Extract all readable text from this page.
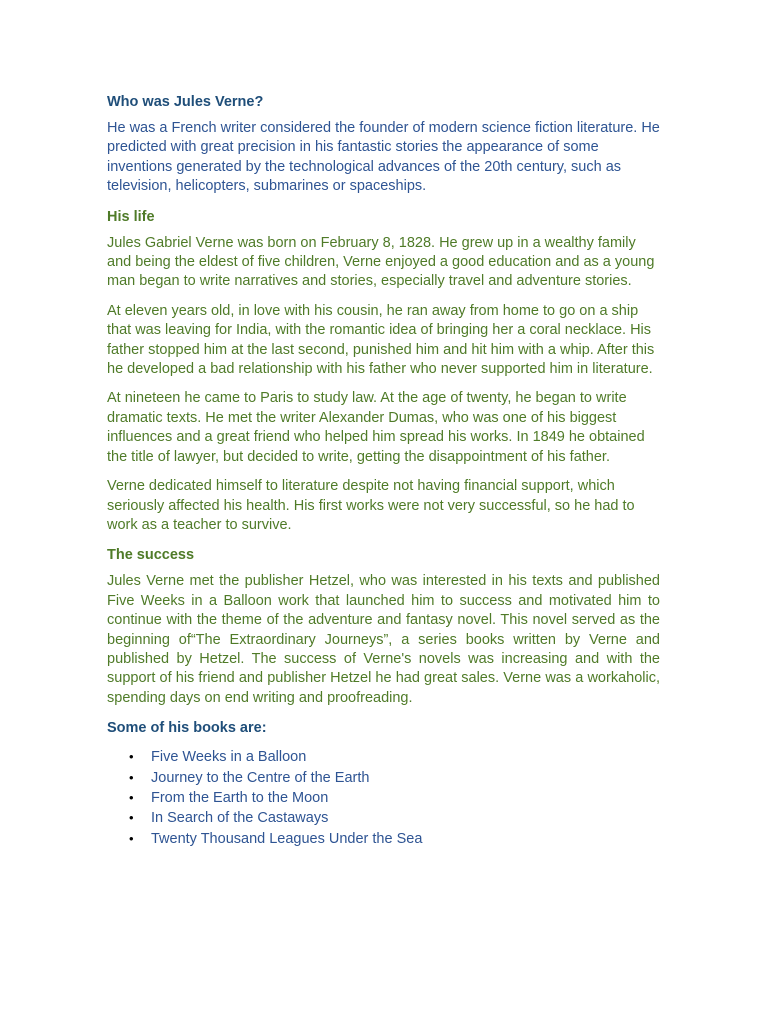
Who was Jules Verne?

He was a French writer considered the founder of modern science fiction literature. He predicted with great precision in his fantastic stories the appearance of some inventions generated by the technological advances of the 20th century, such as television, helicopters, submarines or spaceships.

His life

Jules Gabriel Verne was born on February 8, 1828. He grew up in a wealthy family and being the eldest of five children, Verne enjoyed a good education and as a young man began to write narratives and stories, especially travel and adventure stories.

At eleven years old, in love with his cousin, he ran away from home to go on a ship that was leaving for India, with the romantic idea of bringing her a coral necklace. His father stopped him at the last second, punished him and hit him with a whip. After this he developed a bad relationship with his father who never supported him in literature.

At nineteen he came to Paris to study law. At the age of twenty, he began to write dramatic texts. He met the writer Alexander Dumas, who was one of his biggest influences and a great friend who helped him spread his works. In 1849 he obtained the title of lawyer, but decided to write, getting the disappointment of his father.

Verne dedicated himself to literature despite not having financial support, which seriously affected his health. His first works were not very successful, so he had to work as a teacher to survive.

The success

Jules Verne met the publisher Hetzel, who was interested in his texts and published Five Weeks in a Balloon work that launched him to success and motivated him to continue with the theme of the adventure and fantasy novel. This novel served as the beginning of“The Extraordinary Journeys”, a series books written by Verne and published by Hetzel. The success of Verne's novels was increasing and with the support of his friend and publisher Hetzel he had great sales. Verne was a workaholic, spending days on end writing and proofreading.

Some of his books are:
• Five Weeks in a Balloon
• Journey to the Centre of the Earth
• From the Earth to the Moon
• In Search of the Castaways
• Twenty Thousand Leagues Under the Sea
